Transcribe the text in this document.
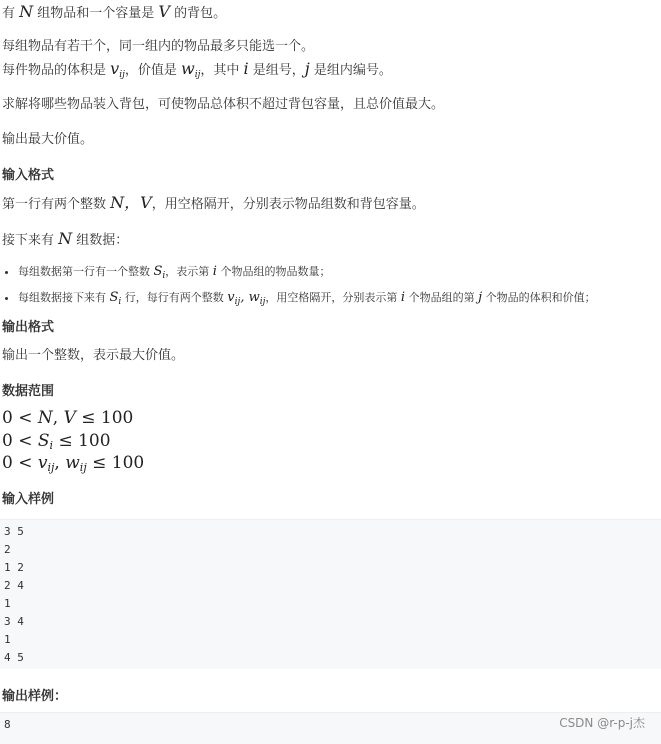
有 N 组物品和一个容量是 V 的背包。
每组物品有若干个，同一组内的物品最多只能选一个。
每件物品的体积是 $v_{ij}$，价值是 $w_{ij}$，其中 i 是组号，j 是组内编号。
求解将哪些物品装入背包，可使物品总体积不超过背包容量，且总价值最大。
输出最大价值。
输入格式
第一行有两个整数 N，V，用空格隔开，分别表示物品组数和背包容量。
接下来有 N 组数据：
• 每组数据第一行有一个整数 $S_i$，表示第 i 个物品组的物品数量；
• 每组数据接下来有 $S_i$ 行，每行有两个整数 $v_{ij}$, $w_{ij}$，用空格隔开，分别表示第 i 个物品组的第 j 个物品的体积和价值；
输出格式
输出一个整数，表示最大价值。
数据范围
0 < N, V ≤ 100
$0 < S_i \le 100$
$0 < v_{ij}$, $w_{ij} \le 100$
输入样例
输出样例：
3 5
2
1 2
2 4
1
3 4
1
4 5
8	CSDN @r-p-j杰
